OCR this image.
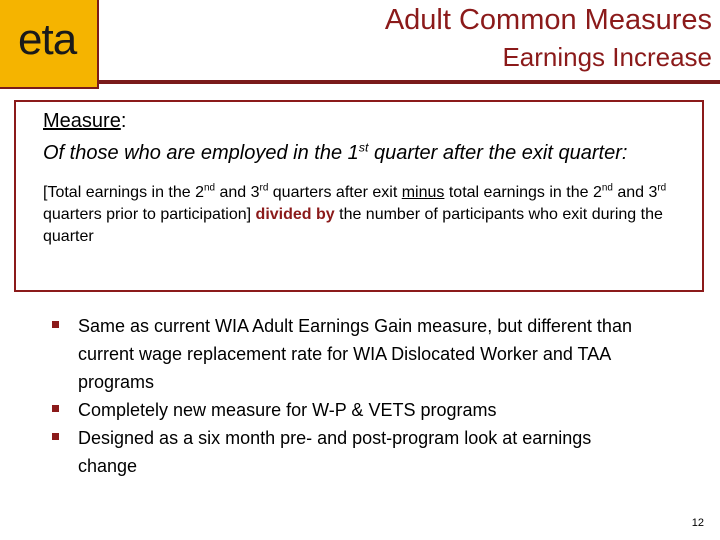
eta	Adult Common Measures
Earnings Increase
Measure:
Of those who are employed in the 1st quarter after the exit quarter:
[Total earnings in the 2nd and 3rd quarters after exit minus total earnings in the 2nd and 3rd quarters prior to participation] divided by the number of participants who exit during the quarter
Same as current WIA Adult Earnings Gain measure, but different than current wage replacement rate for WIA Dislocated Worker and TAA programs
Completely new measure for W-P & VETS programs
Designed as a six month pre- and post-program look at earnings change
12
